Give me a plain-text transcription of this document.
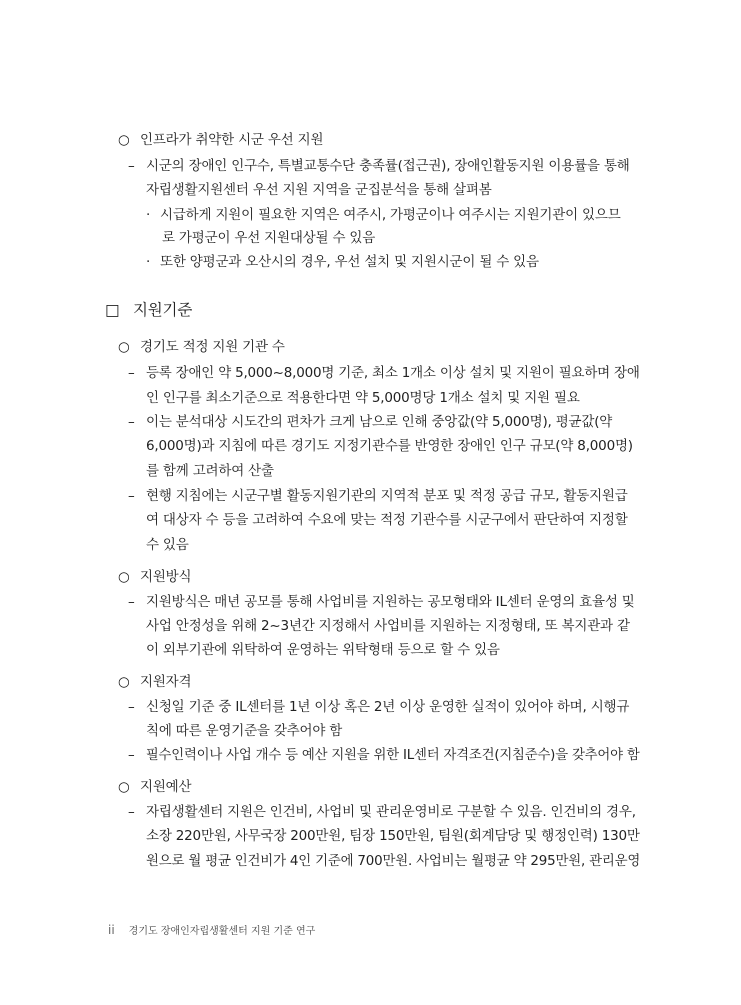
○ 인프라가 취약한 시군 우선 지원
– 시군의 장애인 인구수, 특별교통수단 충족률(접근권), 장애인활동지원 이용률을 통해
자립생활지원센터 우선 지원 지역을 군집분석을 통해 살펴봄
· 시급하게 지원이 필요한 지역은 여주시, 가평군이나 여주시는 지원기관이 있으므
로 가평군이 우선 지원대상될 수 있음
· 또한 양평군과 오산시의 경우, 우선 설치 및 지원시군이 될 수 있음
□ 지원기준
○ 경기도 적정 지원 기관 수
– 등록 장애인 약 5,000~8,000명 기준, 최소 1개소 이상 설치 및 지원이 필요하며 장애
인 인구를 최소기준으로 적용한다면 약 5,000명당 1개소 설치 및 지원 필요
– 이는 분석대상 시도간의 편차가 크게 남으로 인해 중앙값(약 5,000명), 평균값(약
6,000명)과 지침에 따른 경기도 지정기관수를 반영한 장애인 인구 규모(약 8,000명)
를 함께 고려하여 산출
– 현행 지침에는 시군구별 활동지원기관의 지역적 분포 및 적정 공급 규모, 활동지원급
여 대상자 수 등을 고려하여 수요에 맞는 적정 기관수를 시군구에서 판단하여 지정할
수 있음
○ 지원방식
– 지원방식은 매년 공모를 통해 사업비를 지원하는 공모형태와 IL센터 운영의 효율성 및
사업 안정성을 위해 2~3년간 지정해서 사업비를 지원하는 지정형태, 또 복지관과 같
이 외부기관에 위탁하여 운영하는 위탁형태 등으로 할 수 있음
○ 지원자격
– 신청일 기준 중 IL센터를 1년 이상 혹은 2년 이상 운영한 실적이 있어야 하며, 시행규
칙에 따른 운영기준을 갖추어야 함
– 필수인력이나 사업 개수 등 예산 지원을 위한 IL센터 자격조건(지침준수)을 갖추어야 함
○ 지원예산
– 자립생활센터 지원은 인건비, 사업비 및 관리운영비로 구분할 수 있음. 인건비의 경우,
소장 220만원, 사무국장 200만원, 팀장 150만원, 팀원(회계담당 및 행정인력) 130만
원으로 월 평균 인건비가 4인 기준에 700만원. 사업비는 월평균 약 295만원, 관리운영
ii 경기도 장애인자립생활센터 지원 기준 연구
